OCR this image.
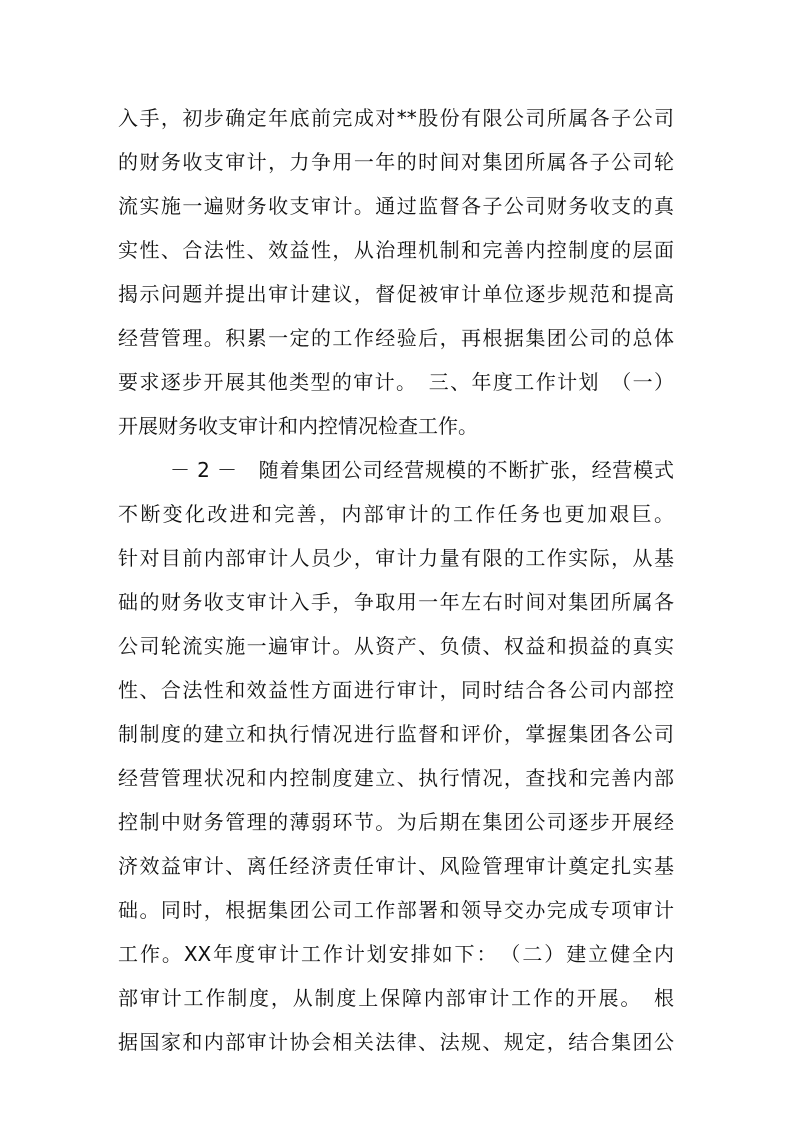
入手，初步确定年底前完成对**股份有限公司所属各子公司
的财务收支审计，力争用一年的时间对集团所属各子公司轮
流实施一遍财务收支审计。通过监督各子公司财务收支的真
实性、合法性、效益性，从治理机制和完善内控制度的层面
揭示问题并提出审计建议，督促被审计单位逐步规范和提高
经营管理。积累一定的工作经验后，再根据集团公司的总体
要求逐步开展其他类型的审计。　三、年度工作计划　（一）
开展财务收支审计和内控情况检查工作。
－ 2 －　随着集团公司经营规模的不断扩张，经营模式
不断变化改进和完善，内部审计的工作任务也更加艰巨。
针对目前内部审计人员少，审计力量有限的工作实际，从基
础的财务收支审计入手，争取用一年左右时间对集团所属各
公司轮流实施一遍审计。从资产、负债、权益和损益的真实
性、合法性和效益性方面进行审计，同时结合各公司内部控
制制度的建立和执行情况进行监督和评价，掌握集团各公司
经营管理状况和内控制度建立、执行情况，查找和完善内部
控制中财务管理的薄弱环节。为后期在集团公司逐步开展经
济效益审计、离任经济责任审计、风险管理审计奠定扎实基
础。同时，根据集团公司工作部署和领导交办完成专项审计
工作。XX年度审计工作计划安排如下：　（二）建立健全内
部审计工作制度，从制度上保障内部审计工作的开展。　根
据国家和内部审计协会相关法律、法规、规定，结合集团公
